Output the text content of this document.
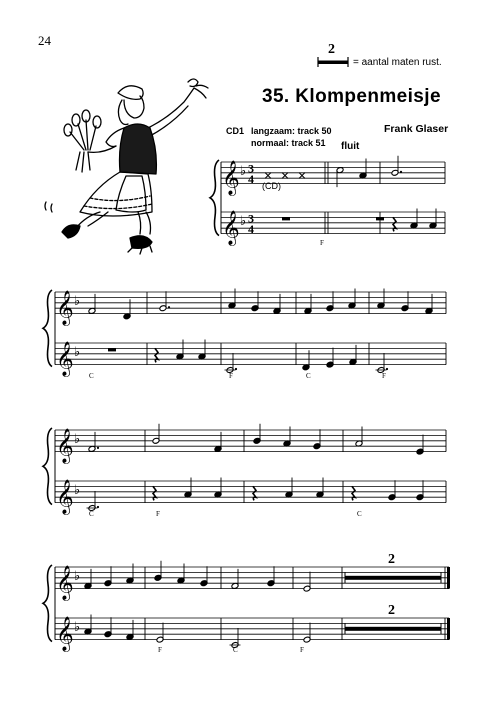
24
2
= aantal maten rust.
35. Klompenmeisje
Frank Glaser
CD1 langzaam: track 50
normaal: track 51 fluit
(CD)
𝄞
𝄞
♭
♭
3
4
3
4
F
𝄞
𝄞
♭
♭
C	F	C	F
𝄞
𝄞
♭
♭
C	F	C
𝄞
𝄞
♭
♭
2
2
F	C	F
